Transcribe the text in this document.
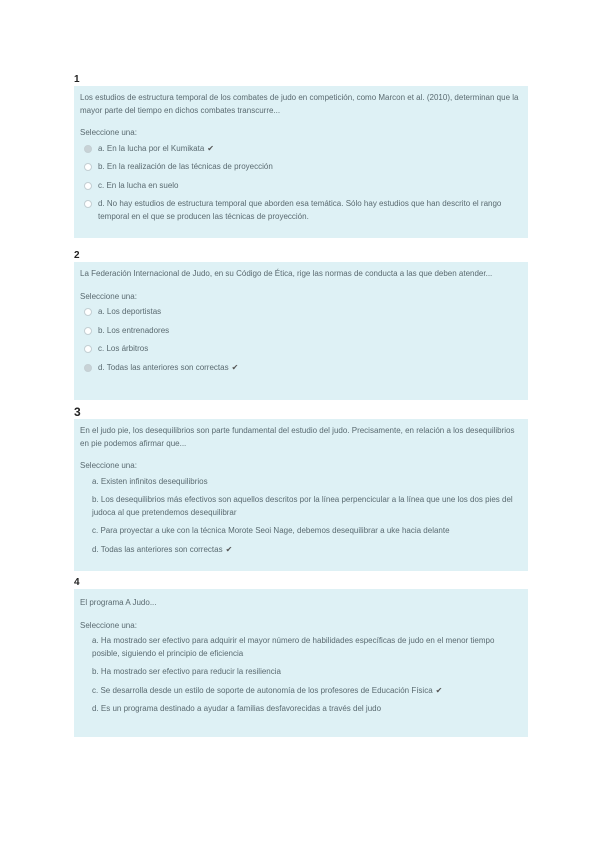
1
Los estudios de estructura temporal de los combates de judo en competición, como Marcon et al. (2010), determinan que la mayor parte del tiempo en dichos combates transcurre...
Seleccione una:
a. En la lucha por el Kumikata ✔
b. En la realización de las técnicas de proyección
c. En la lucha en suelo
d. No hay estudios de estructura temporal que aborden esa temática. Sólo hay estudios que han descrito el rango temporal en el que se producen las técnicas de proyección.
2
La Federación Internacional de Judo, en su Código de Ética, rige las normas de conducta a las que deben atender...
Seleccione una:
a. Los deportistas
b. Los entrenadores
c. Los árbitros
d. Todas las anteriores son correctas ✔
3
En el judo pie, los desequilibrios son parte fundamental del estudio del judo. Precisamente, en relación a los desequilibrios en pie podemos afirmar que...
Seleccione una:
a. Existen infinitos desequilibrios
b. Los desequilibrios más efectivos son aquellos descritos por la línea perpencicular a la línea que une los dos pies del judoca al que pretendemos desequilibrar
c. Para proyectar a uke con la técnica Morote Seoi Nage, debemos desequilibrar a uke hacia delante
d. Todas las anteriores son correctas ✔
4
El programa A Judo...
Seleccione una:
a. Ha mostrado ser efectivo para adquirir el mayor número de habilidades específicas de judo en el menor tiempo posible, siguiendo el principio de eficiencia
b. Ha mostrado ser efectivo para reducir la resiliencia
c. Se desarrolla desde un estilo de soporte de autonomía de los profesores de Educación Física ✔
d. Es un programa destinado a ayudar a familias desfavorecidas a través del judo
